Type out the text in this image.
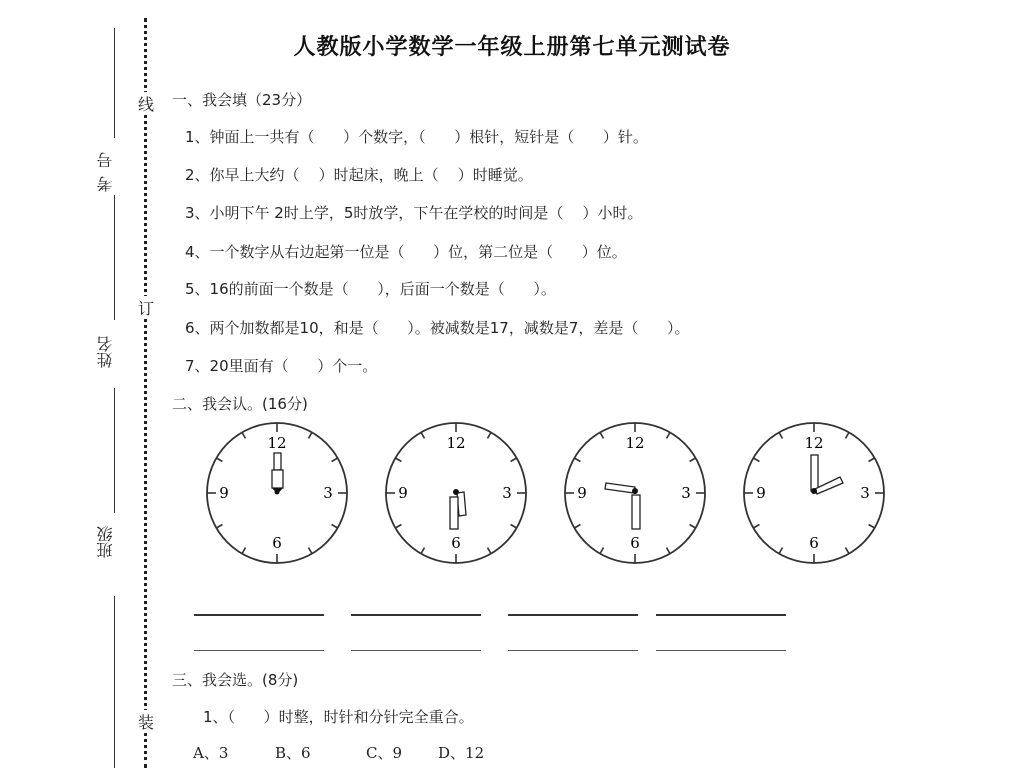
人教版小学数学一年级上册第七单元测试卷
线
订
装
考号
姓名
班级
一、我会填（23分）
1、钟面上一共有（      ）个数字，（      ）根针，短针是（      ）针。
2、你早上大约（    ）时起床，晚上（    ）时睡觉。
3、小明下午 2时上学，5时放学，下午在学校的时间是（    ）小时。
4、一个数字从右边起第一位是（      ）位，第二位是（      ）位。
5、16的前面一个数是（      ），后面一个数是（      ）。
6、两个加数都是10，和是（      ）。被减数是17，减数是7，差是（      ）。
7、20里面有（      ）个一。
二、我会认。(16分)
12
3
6
9
12
3
6
9
12
3
6
9
12
3
6
9
三、我会选。(8分)
1、（      ）时整，时针和分针完全重合。
A、3	B、6	C、9 D、12
